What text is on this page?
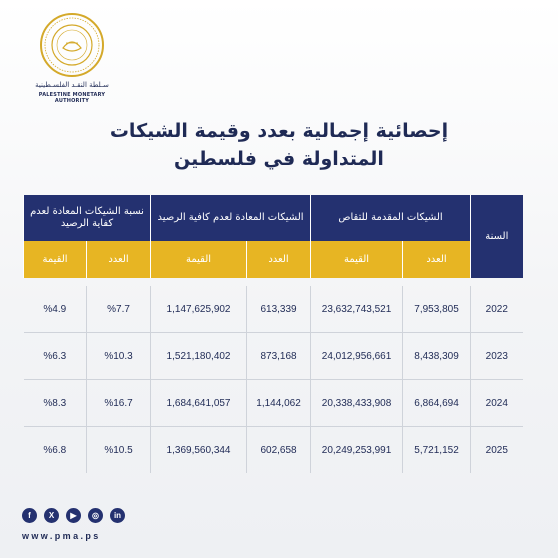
سـلطة النقـد الفلسـطينية
PALESTINE MONETARY AUTHORITY
إحصائية إجمالية بعدد وقيمة الشيكات
المتداولة في فلسطين
السنة	الشيكات المقدمة للتقاص		الشيكات المعادة لعدم كافية الرصيد		نسبة الشيكات المعادة لعدم كفاية الرصيد	
	العدد	القيمة	العدد	القيمة	العدد	القيمة

2022	7,953,805	23,632,743,521	613,339	1,147,625,902	%7.7	%4.9
2023	8,438,309	24,012,956,661	873,168	1,521,180,402	%10.3	%6.3
2024	6,864,694	20,338,433,908	1,144,062	1,684,641,057	%16.7	%8.3
2025	5,721,152	20,249,253,991	602,658	1,369,560,344	%10.5	%6.8
f	X	▶	◎	in
www.pma.ps
